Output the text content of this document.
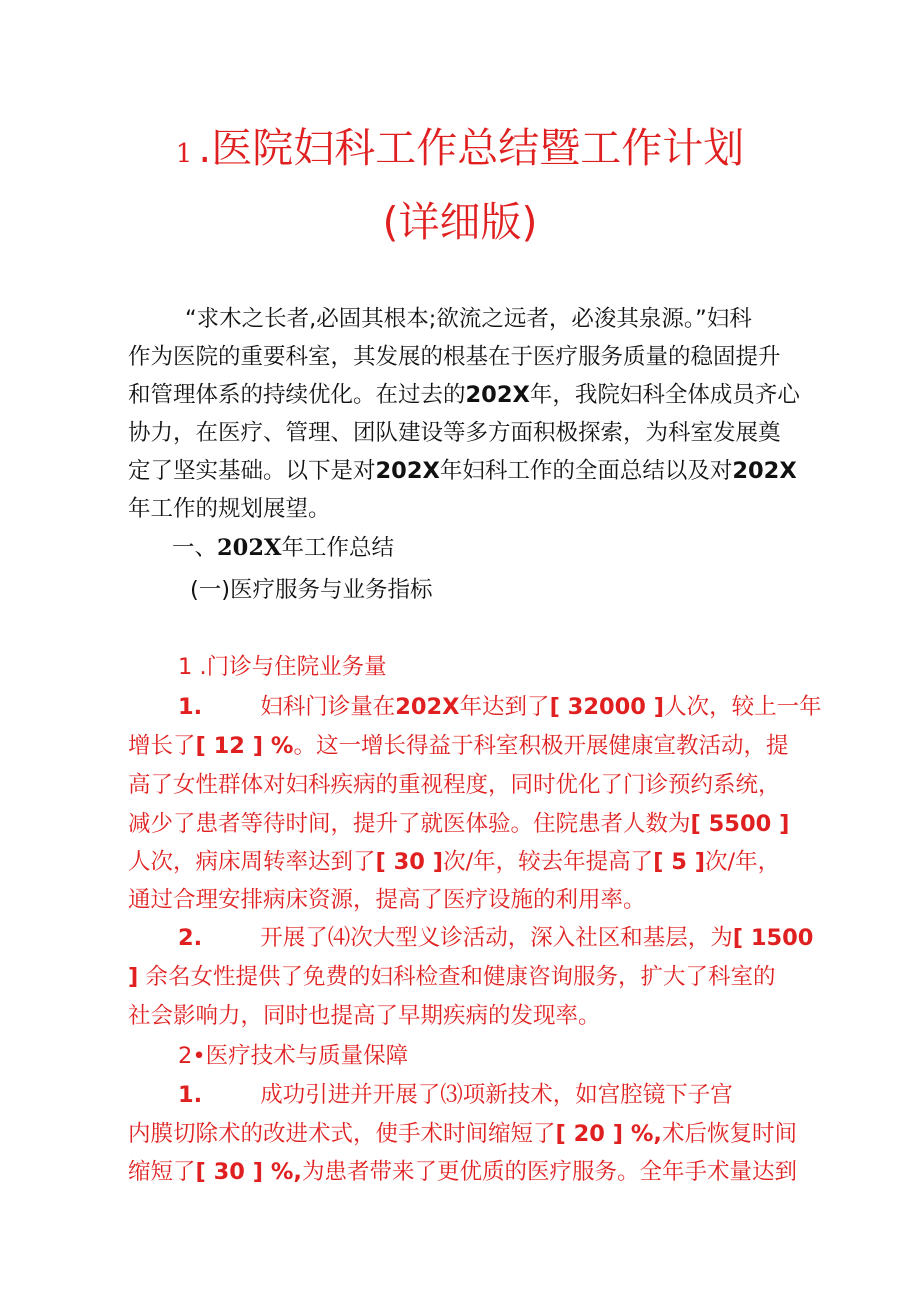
1 .医院妇科工作总结暨工作计划
(详细版)
“求木之长者,必固其根本;欲流之远者，必浚其泉源。”妇科
作为医院的重要科室，其发展的根基在于医疗服务质量的稳固提升
和管理体系的持续优化。在过去的202X年，我院妇科全体成员齐心
协力，在医疗、管理、团队建设等多方面积极探索，为科室发展奠
定了坚实基础。以下是对202X年妇科工作的全面总结以及对202X
年工作的规划展望。
一、202X年工作总结
(一)医疗服务与业务指标
1 .门诊与住院业务量
1.	妇科门诊量在202X年达到了[ 32000 ]人次，较上一年
增长了[ 12 ] %。这一增长得益于科室积极开展健康宣教活动，提
高了女性群体对妇科疾病的重视程度，同时优化了门诊预约系统，
减少了患者等待时间，提升了就医体验。住院患者人数为[ 5500 ]
人次，病床周转率达到了[ 30 ]次/年，较去年提高了[ 5 ]次/年，
通过合理安排病床资源，提高了医疗设施的利用率。
2.	开展了⑷次大型义诊活动，深入社区和基层，为[ 1500
] 余名女性提供了免费的妇科检查和健康咨询服务，扩大了科室的
社会影响力，同时也提高了早期疾病的发现率。
2•医疗技术与质量保障
1.	成功引进并开展了⑶项新技术，如宫腔镜下子宫
内膜切除术的改进术式，使手术时间缩短了[ 20 ] %,术后恢复时间
缩短了[ 30 ] %,为患者带来了更优质的医疗服务。全年手术量达到
